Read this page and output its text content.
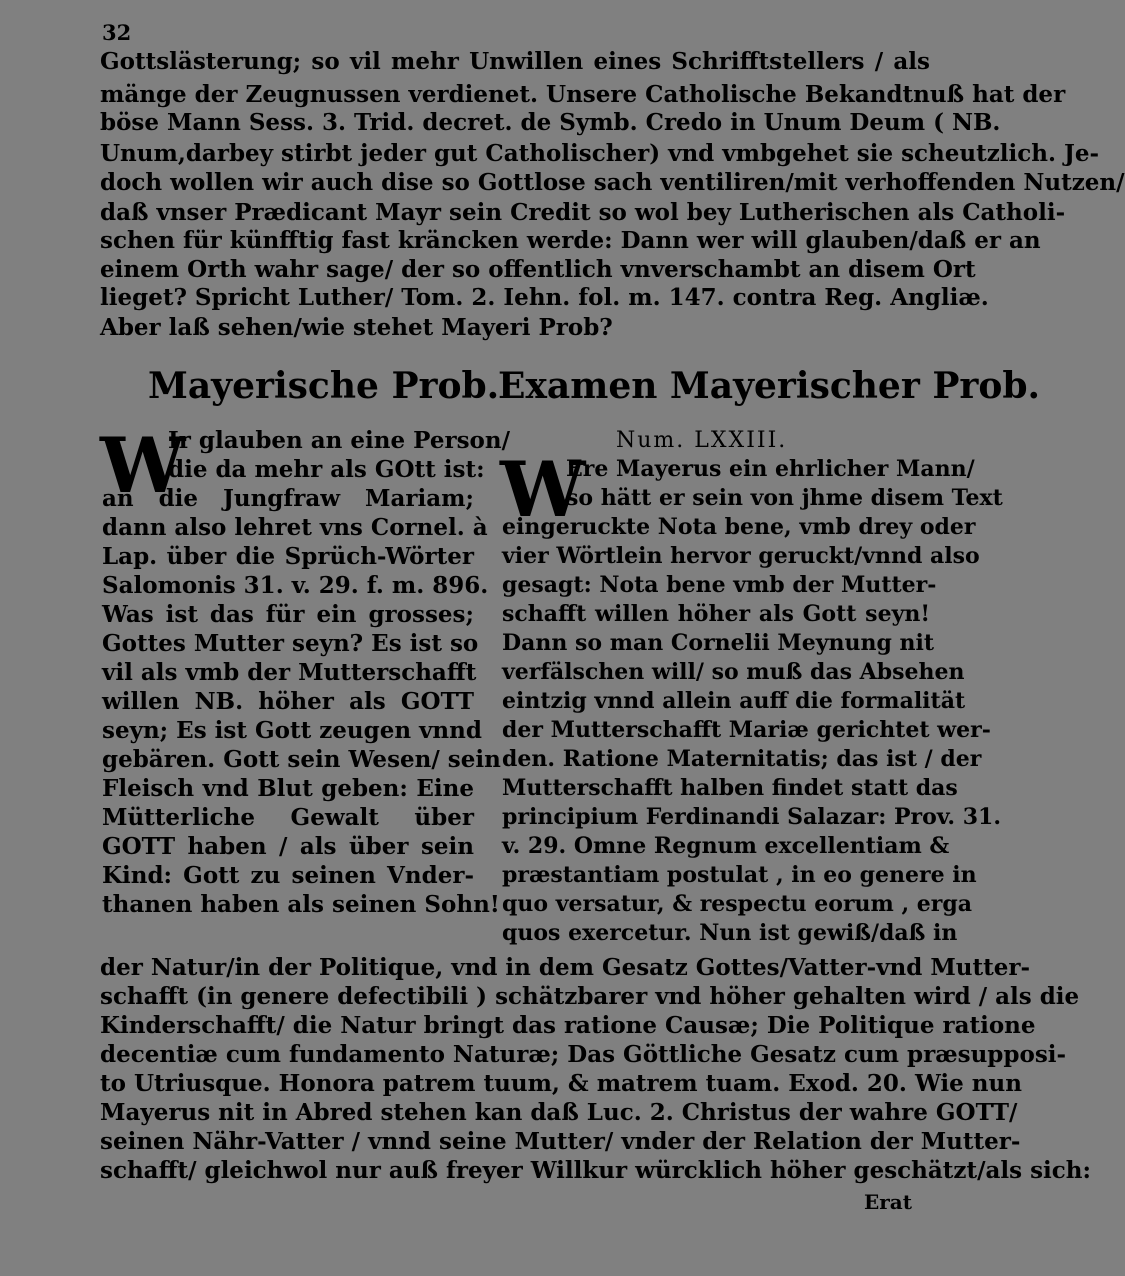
32
Gottslästerung; so vil mehr Unwillen eines Schrifftstellers / als
mänge der Zeugnussen verdienet. Unsere Catholische Bekandtnuß hat der
böse Mann Sess. 3. Trid. decret. de Symb. Credo in Unum Deum ( NB.
Unum,darbey stirbt jeder gut Catholischer) vnd vmbgehet sie scheutzlich. Je-
doch wollen wir auch dise so Gottlose sach ventiliren/mit verhoffenden Nutzen/
daß vnser Prædicant Mayr sein Credit so wol bey Lutherischen als Catholi-
schen für künfftig fast kräncken werde: Dann wer will glauben/daß er an
einem Orth wahr sage/ der so offentlich vnverschambt an disem Ort
lieget? Spricht Luther/ Tom. 2. Iehn. fol. m. 147. contra Reg. Angliæ.
Aber laß sehen/wie stehet Mayeri Prob?
Mayerische Prob.
Examen Mayerischer Prob.
W
Ir glauben an eine Person/
die da mehr als GOtt ist:
an die Jungfraw Mariam;
dann also lehret vns Cornel. à
Lap. über die Sprüch-Wörter
Salomonis 31. v. 29. f. m. 896.
Was ist das für ein grosses;
Gottes Mutter seyn? Es ist so
vil als vmb der Mutterschafft
willen NB. höher als GOTT
seyn; Es ist Gott zeugen vnnd
gebären. Gott sein Wesen/ sein
Fleisch vnd Blut geben: Eine
Mütterliche Gewalt über
GOTT haben / als über sein
Kind: Gott zu seinen Vnder-
thanen haben als seinen Sohn!
Num. LXXIII.
W
Ere Mayerus ein ehrlicher Mann/
so hätt er sein von jhme disem Text
eingeruckte Nota bene, vmb drey oder
vier Wörtlein hervor geruckt/vnnd also
gesagt: Nota bene vmb der Mutter-
schafft willen höher als Gott seyn!
Dann so man Cornelii Meynung nit
verfälschen will/ so muß das Absehen
eintzig vnnd allein auff die formalität
der Mutterschafft Mariæ gerichtet wer-
den. Ratione Maternitatis; das ist / der
Mutterschafft halben findet statt das
principium Ferdinandi Salazar: Prov. 31.
v. 29. Omne Regnum excellentiam &
præstantiam postulat , in eo genere in
quo versatur, & respectu eorum , erga
quos exercetur. Nun ist gewiß/daß in
der Natur/in der Politique, vnd in dem Gesatz Gottes/Vatter-vnd Mutter-
schafft (in genere defectibili ) schätzbarer vnd höher gehalten wird / als die
Kinderschafft/ die Natur bringt das ratione Causæ; Die Politique ratione
decentiæ cum fundamento Naturæ; Das Göttliche Gesatz cum præsupposi-
to Utriusque. Honora patrem tuum, & matrem tuam. Exod. 20. Wie nun
Mayerus nit in Abred stehen kan daß Luc. 2. Christus der wahre GOTT/
seinen Nähr-Vatter / vnnd seine Mutter/ vnder der Relation der Mutter-
schafft/ gleichwol nur auß freyer Willkur würcklich höher geschätzt/als sich:
Erat
